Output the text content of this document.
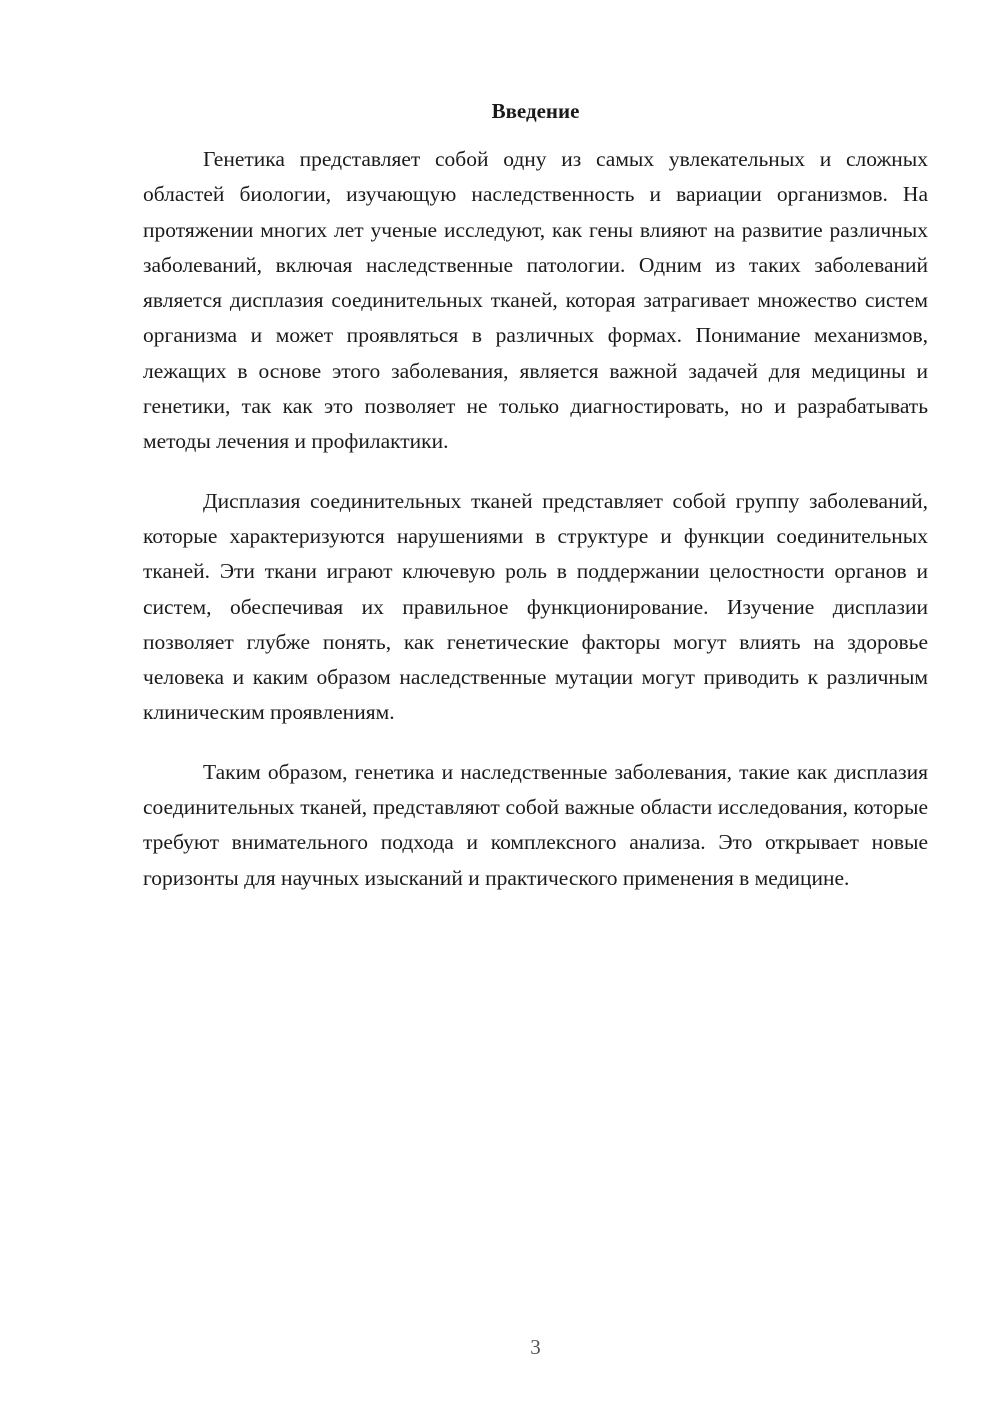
Введение

Генетика представляет собой одну из самых увлекательных и сложных областей биологии, изучающую наследственность и вариации организмов. На протяжении многих лет ученые исследуют, как гены влияют на развитие различных заболеваний, включая наследственные патологии. Одним из таких заболеваний является дисплазия соединительных тканей, которая затрагивает множество систем организма и может проявляться в различных формах. Понимание механизмов, лежащих в основе этого заболевания, является важной задачей для медицины и генетики, так как это позволяет не только диагностировать, но и разрабатывать методы лечения и профилактики.

Дисплазия соединительных тканей представляет собой группу заболеваний, которые характеризуются нарушениями в структуре и функции соединительных тканей. Эти ткани играют ключевую роль в поддержании целостности органов и систем, обеспечивая их правильное функционирование. Изучение дисплазии позволяет глубже понять, как генетические факторы могут влиять на здоровье человека и каким образом наследственные мутации могут приводить к различным клиническим проявлениям.

Таким образом, генетика и наследственные заболевания, такие как дисплазия соединительных тканей, представляют собой важные области исследования, которые требуют внимательного подхода и комплексного анализа. Это открывает новые горизонты для научных изысканий и практического применения в медицине.

3
